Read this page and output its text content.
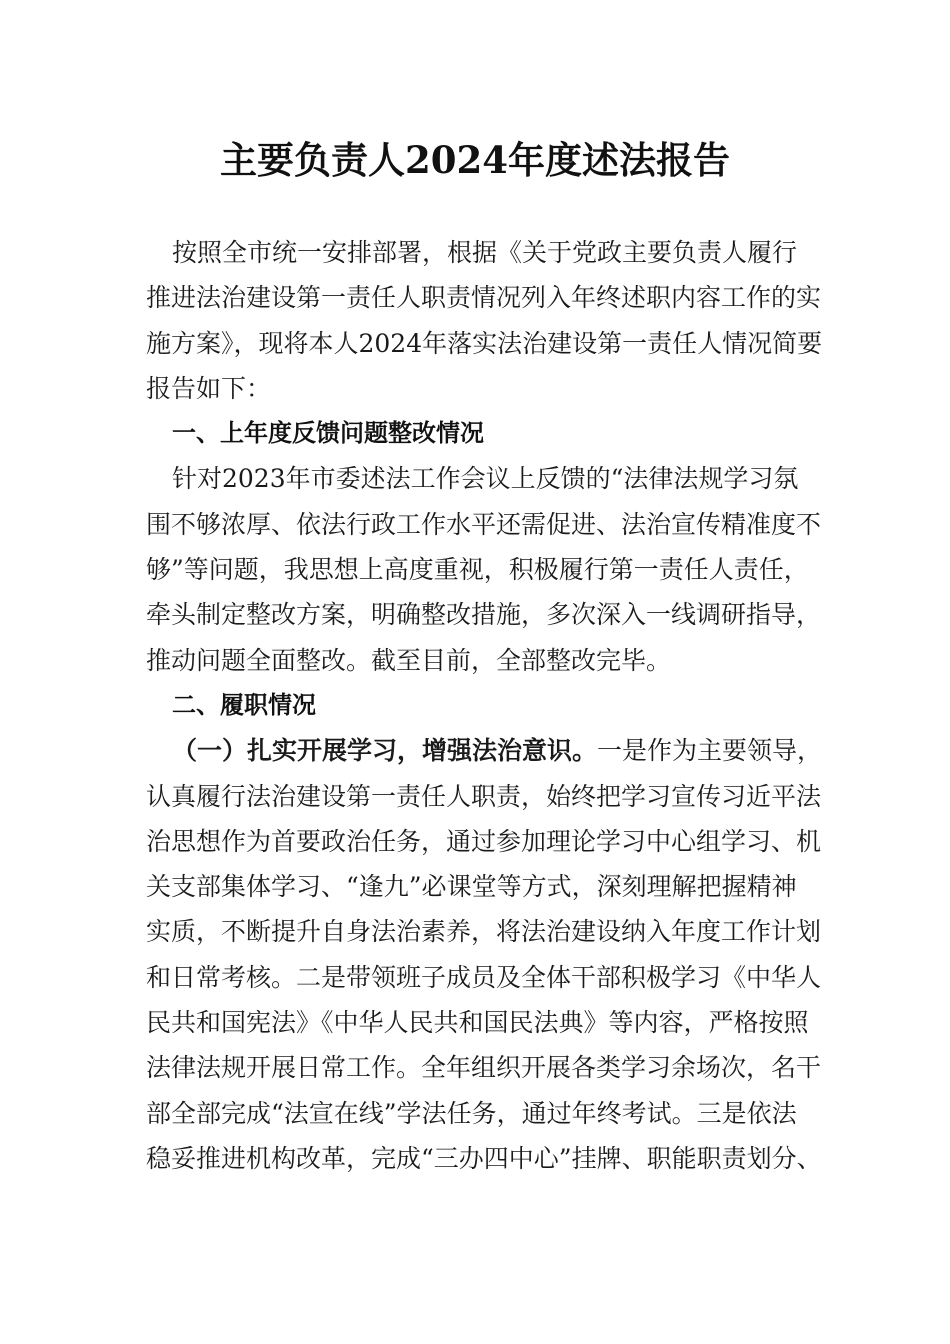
主要负责人2024年度述法报告
按照全市统一安排部署，根据《关于党政主要负责人履行
推进法治建设第一责任人职责情况列入年终述职内容工作的实
施方案》，现将本人2024年落实法治建设第一责任人情况简要
报告如下：
一、上年度反馈问题整改情况
针对2023年市委述法工作会议上反馈的“法律法规学习氛
围不够浓厚、依法行政工作水平还需促进、法治宣传精准度不
够”等问题，我思想上高度重视，积极履行第一责任人责任，
牵头制定整改方案，明确整改措施，多次深入一线调研指导，
推动问题全面整改。截至目前，全部整改完毕。
二、履职情况
（一）扎实开展学习，增强法治意识。一是作为主要领导，
认真履行法治建设第一责任人职责，始终把学习宣传习近平法
治思想作为首要政治任务，通过参加理论学习中心组学习、机
关支部集体学习、“逢九”必课堂等方式，深刻理解把握精神
实质，不断提升自身法治素养，将法治建设纳入年度工作计划
和日常考核。二是带领班子成员及全体干部积极学习《中华人
民共和国宪法》《中华人民共和国民法典》等内容，严格按照
法律法规开展日常工作。全年组织开展各类学习余场次，名干
部全部完成“法宣在线”学法任务，通过年终考试。三是依法
稳妥推进机构改革，完成“三办四中心”挂牌、职能职责划分、
